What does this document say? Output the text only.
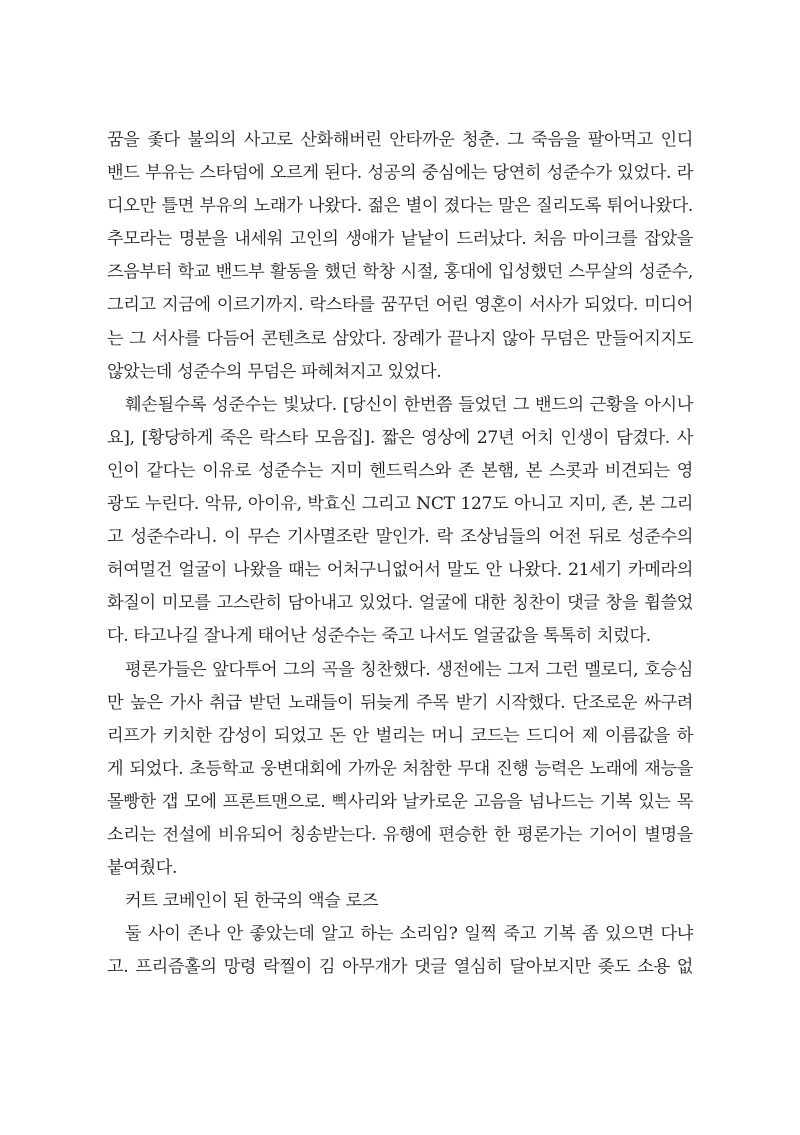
꿈을 좇다 불의의 사고로 산화해버린 안타까운 청춘. 그 죽음을 팔아먹고 인디
밴드 부유는 스타덤에 오르게 된다. 성공의 중심에는 당연히 성준수가 있었다. 라
디오만 틀면 부유의 노래가 나왔다. 젊은 별이 졌다는 말은 질리도록 튀어나왔다.
추모라는 명분을 내세워 고인의 생애가 낱낱이 드러났다. 처음 마이크를 잡았을
즈음부터 학교 밴드부 활동을 했던 학창 시절, 홍대에 입성했던 스무살의 성준수,
그리고 지금에 이르기까지. 락스타를 꿈꾸던 어린 영혼이 서사가 되었다. 미디어
는 그 서사를 다듬어 콘텐츠로 삼았다. 장례가 끝나지 않아 무덤은 만들어지지도
않았는데 성준수의 무덤은 파헤쳐지고 있었다.
훼손될수록 성준수는 빛났다. [당신이 한번쯤 들었던 그 밴드의 근황을 아시나
요], [황당하게 죽은 락스타 모음집]. 짧은 영상에 27년 어치 인생이 담겼다. 사
인이 같다는 이유로 성준수는 지미 헨드릭스와 존 본햄, 본 스콧과 비견되는 영
광도 누린다. 악뮤, 아이유, 박효신 그리고 NCT 127도 아니고 지미, 존, 본 그리
고 성준수라니. 이 무슨 기사멸조란 말인가. 락 조상님들의 어전 뒤로 성준수의
허여멀건 얼굴이 나왔을 때는 어처구니없어서 말도 안 나왔다. 21세기 카메라의
화질이 미모를 고스란히 담아내고 있었다. 얼굴에 대한 칭찬이 댓글 창을 휩쓸었
다. 타고나길 잘나게 태어난 성준수는 죽고 나서도 얼굴값을 톡톡히 치렀다.
평론가들은 앞다투어 그의 곡을 칭찬했다. 생전에는 그저 그런 멜로디, 호승심
만 높은 가사 취급 받던 노래들이 뒤늦게 주목 받기 시작했다. 단조로운 싸구려
리프가 키치한 감성이 되었고 돈 안 벌리는 머니 코드는 드디어 제 이름값을 하
게 되었다. 초등학교 웅변대회에 가까운 처참한 무대 진행 능력은 노래에 재능을
몰빵한 갭 모에 프론트맨으로. 삑사리와 날카로운 고음을 넘나드는 기복 있는 목
소리는 전설에 비유되어 칭송받는다. 유행에 편승한 한 평론가는 기어이 별명을
붙여줬다.
커트 코베인이 된 한국의 액슬 로즈
둘 사이 존나 안 좋았는데 알고 하는 소리임? 일찍 죽고 기복 좀 있으면 다냐
고. 프리즘홀의 망령 락찔이 김 아무개가 댓글 열심히 달아보지만 좆도 소용 없
